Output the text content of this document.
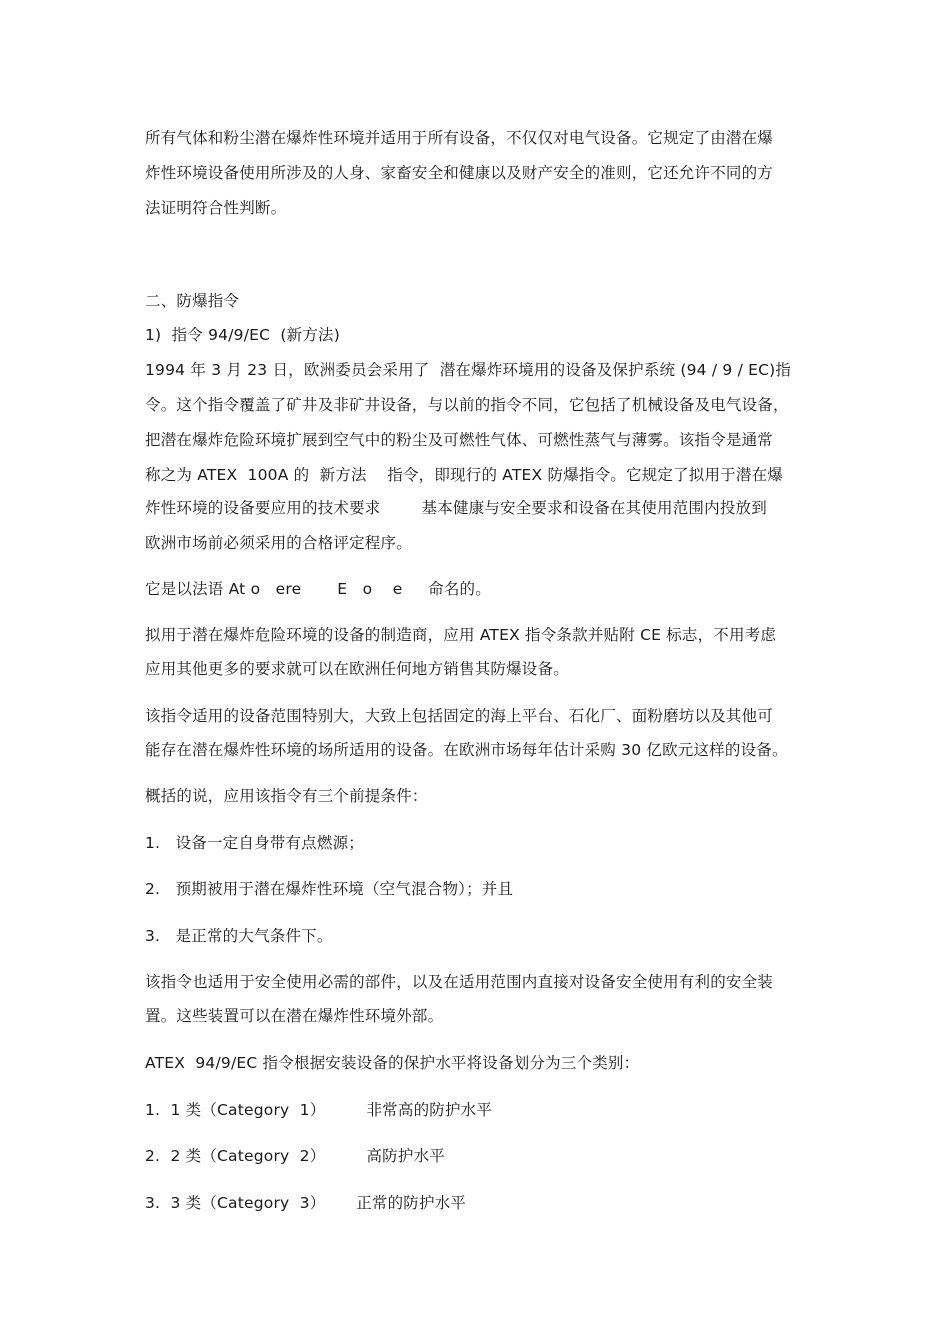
所有气体和粉尘潜在爆炸性环境并适用于所有设备，不仅仅对电气设备。它规定了由潜在爆
炸性环境设备使用所涉及的人身、家畜安全和健康以及财产安全的准则，它还允许不同的方
法证明符合性判断。
二、防爆指令
1)  指令 94/9/EC  (新方法)
1994 年 3 月 23 日，欧洲委员会采用了  潜在爆炸环境用的设备及保护系统 (94 / 9 / EC)指
令。这个指令覆盖了矿井及非矿井设备，与以前的指令不同，它包括了机械设备及电气设备，
把潜在爆炸危险环境扩展到空气中的粉尘及可燃性气体、可燃性蒸气与薄雾。该指令是通常
称之为 ATEX  100A 的  新方法    指令，即现行的 ATEX 防爆指令。它规定了拟用于潜在爆
炸性环境的设备要应用的技术要求        基本健康与安全要求和设备在其使用范围内投放到
欧洲市场前必须采用的合格评定程序。
它是以法语 At o   ere       E   o    e     命名的。
拟用于潜在爆炸危险环境的设备的制造商，应用 ATEX 指令条款并贴附 CE 标志，不用考虑
应用其他更多的要求就可以在欧洲任何地方销售其防爆设备。
该指令适用的设备范围特别大，大致上包括固定的海上平台、石化厂、面粉磨坊以及其他可
能存在潜在爆炸性环境的场所适用的设备。在欧洲市场每年估计采购 30 亿欧元这样的设备。
概括的说，应用该指令有三个前提条件：
1.   设备一定自身带有点燃源；
2.   预期被用于潜在爆炸性环境（空气混合物）；并且
3.   是正常的大气条件下。
该指令也适用于安全使用必需的部件，以及在适用范围内直接对设备安全使用有利的安全装
置。这些装置可以在潜在爆炸性环境外部。
ATEX  94/9/EC 指令根据安装设备的保护水平将设备划分为三个类别：
1.  1 类（Category  1）        非常高的防护水平
2.  2 类（Category  2）        高防护水平
3.  3 类（Category  3）      正常的防护水平
